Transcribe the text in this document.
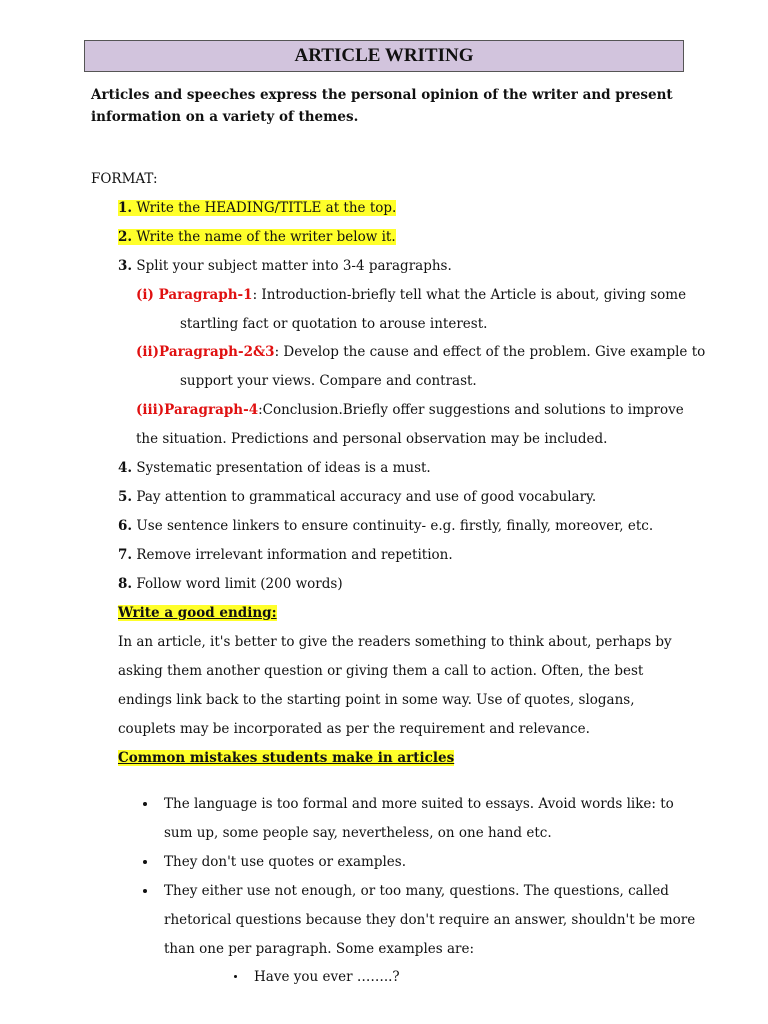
ARTICLE WRITING
Articles and speeches express the personal opinion of the writer and present
information on a variety of themes.
FORMAT:
1. Write the HEADING/TITLE at the top.
2. Write the name of the writer below it.
3. Split your subject matter into 3-4 paragraphs.
(i) Paragraph-1: Introduction-briefly tell what the Article is about, giving some
startling fact or quotation to arouse interest.
(ii)Paragraph-2&3: Develop the cause and effect of the problem. Give example to
support your views. Compare and contrast.
(iii)Paragraph-4:Conclusion.Briefly offer suggestions and solutions to improve
the situation. Predictions and personal observation may be included.
4. Systematic presentation of ideas is a must.
5. Pay attention to grammatical accuracy and use of good vocabulary.
6. Use sentence linkers to ensure continuity- e.g. firstly, finally, moreover, etc.
7. Remove irrelevant information and repetition.
8. Follow word limit (200 words)
Write a good ending:
In an article, it's better to give the readers something to think about, perhaps by
asking them another question or giving them a call to action. Often, the best
endings link back to the starting point in some way. Use of quotes, slogans,
couplets may be incorporated as per the requirement and relevance.
Common mistakes students make in articles
The language is too formal and more suited to essays. Avoid words like: to
sum up, some people say, nevertheless, on one hand etc.
They don't use quotes or examples.
They either use not enough, or too many, questions. The questions, called
rhetorical questions because they don't require an answer, shouldn't be more
than one per paragraph. Some examples are:
Have you ever ……..?
